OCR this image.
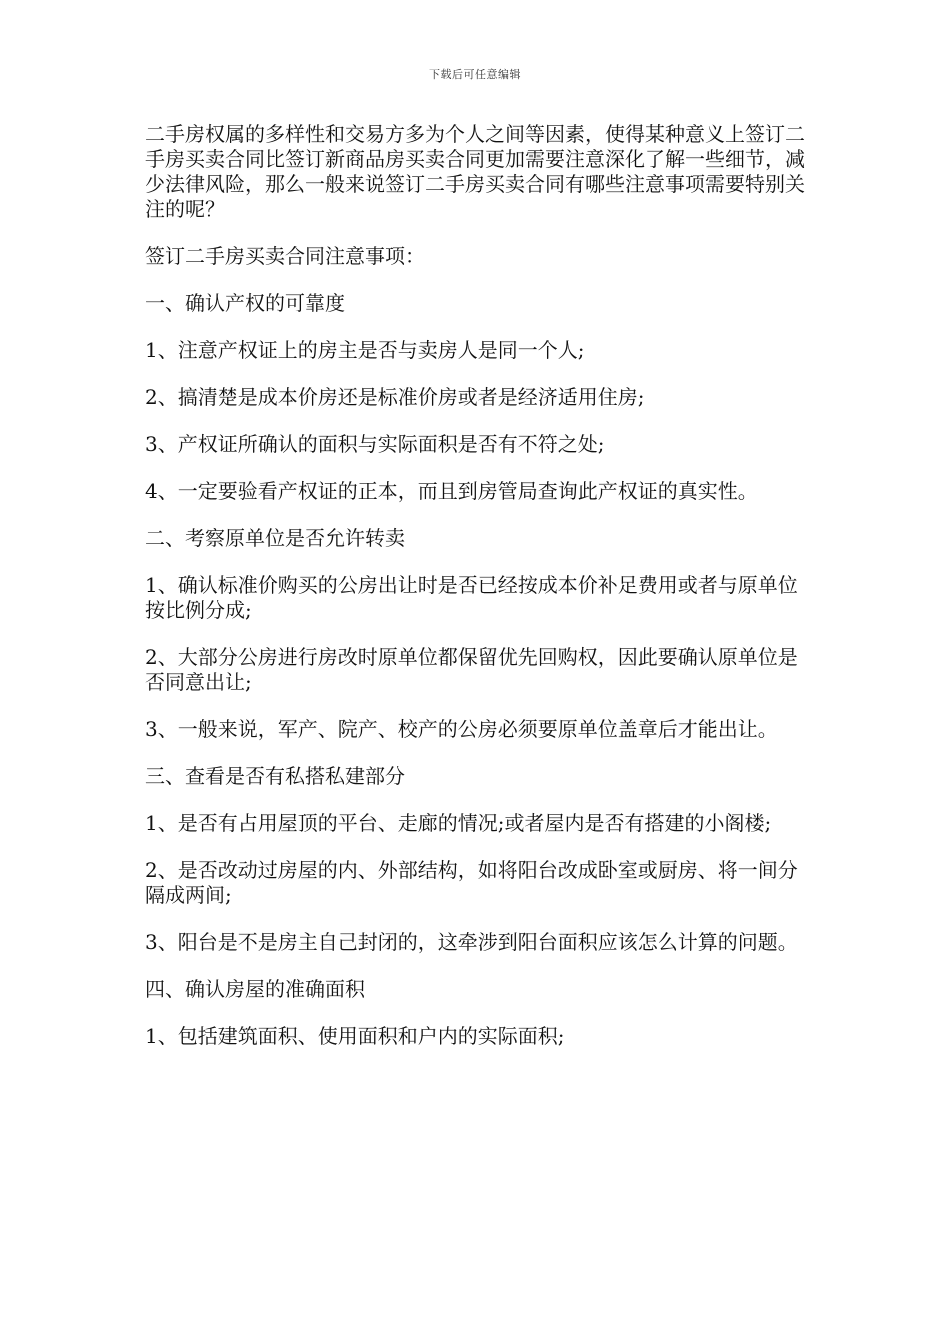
下载后可任意编辑

二手房权属的多样性和交易方多为个人之间等因素，使得某种意义上签订二手房买卖合同比签订新商品房买卖合同更加需要注意深化了解一些细节，减少法律风险，那么一般来说签订二手房买卖合同有哪些注意事项需要特别关注的呢？

签订二手房买卖合同注意事项：

一、确认产权的可靠度

1、注意产权证上的房主是否与卖房人是同一个人;

2、搞清楚是成本价房还是标准价房或者是经济适用住房;

3、产权证所确认的面积与实际面积是否有不符之处;

4、一定要验看产权证的正本，而且到房管局查询此产权证的真实性。

二、考察原单位是否允许转卖

1、确认标准价购买的公房出让时是否已经按成本价补足费用或者与原单位按比例分成;

2、大部分公房进行房改时原单位都保留优先回购权，因此要确认原单位是否同意出让;

3、一般来说，军产、院产、校产的公房必须要原单位盖章后才能出让。

三、查看是否有私搭私建部分

1、是否有占用屋顶的平台、走廊的情况;或者屋内是否有搭建的小阁楼;

2、是否改动过房屋的内、外部结构，如将阳台改成卧室或厨房、将一间分隔成两间;

3、阳台是不是房主自己封闭的，这牵涉到阳台面积应该怎么计算的问题。

四、确认房屋的准确面积

1、包括建筑面积、使用面积和户内的实际面积;
